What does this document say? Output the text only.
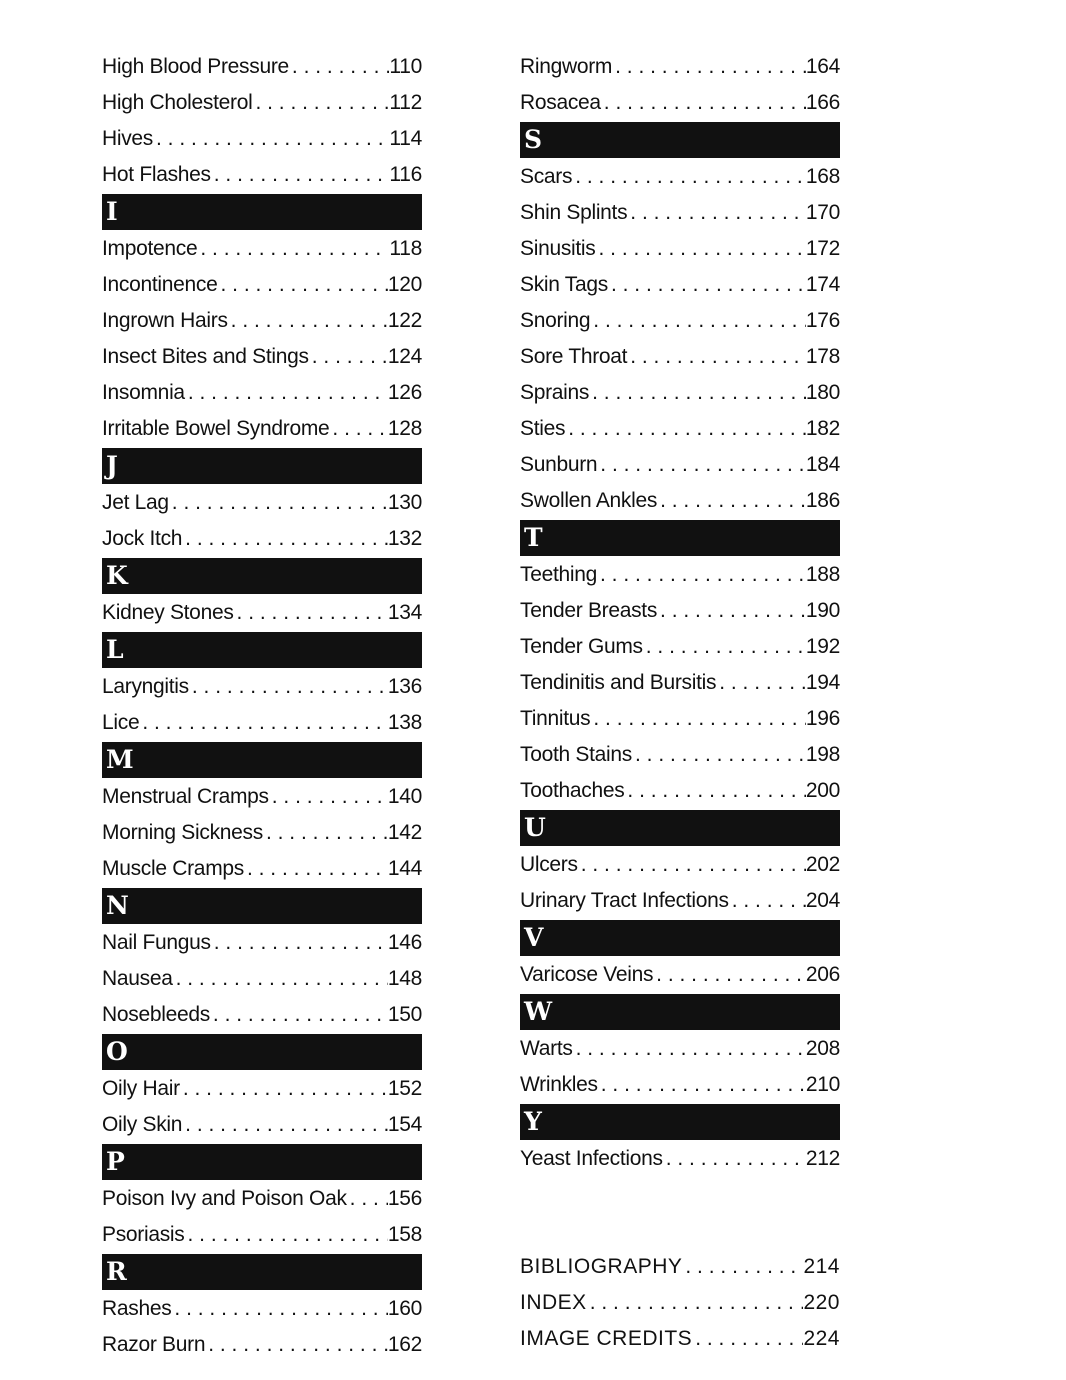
High Blood Pressure . . .	110
High Cholesterol . . .	112
Hives . . .	114
Hot Flashes . . .	116
I
Impotence . . .	118
Incontinence . . .	120
Ingrown Hairs . . .	122
Insect Bites and Stings . . .	124
Insomnia . . .	126
Irritable Bowel Syndrome . . .	128
J
Jet Lag . . .	130
Jock Itch . . .	132
K
Kidney Stones . . .	134
L
Laryngitis . . .	136
Lice . . .	138
M
Menstrual Cramps . . .	140
Morning Sickness . . .	142
Muscle Cramps . . .	144
N
Nail Fungus . . .	146
Nausea . . .	148
Nosebleeds . . .	150
O
Oily Hair . . .	152
Oily Skin . . .	154
P
Poison Ivy and Poison Oak . . . 156
Psoriasis . . .	158
R
Rashes . . .	160
Razor Burn . . .	162
Ringworm . . .	164
Rosacea . . .	166
S
Scars . . .	168
Shin Splints . . .	170
Sinusitis . . .	172
Skin Tags . . .	174
Snoring . . .	176
Sore Throat . . .	178
Sprains . . .	180
Sties . . .	182
Sunburn . . .	184
Swollen Ankles . . .	186
T
Teething . . .	188
Tender Breasts . . .	190
Tender Gums . . .	192
Tendinitis and Bursitis . . .	194
Tinnitus . . .	196
Tooth Stains . . .	198
Toothaches . . .	200
U
Ulcers . . .	202
Urinary Tract Infections . . .	204
V
Varicose Veins . . .	206
W
Warts . . .	208
Wrinkles . . .	210
Y
Yeast Infections . . .	212
BIBLIOGRAPHY . . .	214
INDEX . . .	220
IMAGE CREDITS . . .	224
